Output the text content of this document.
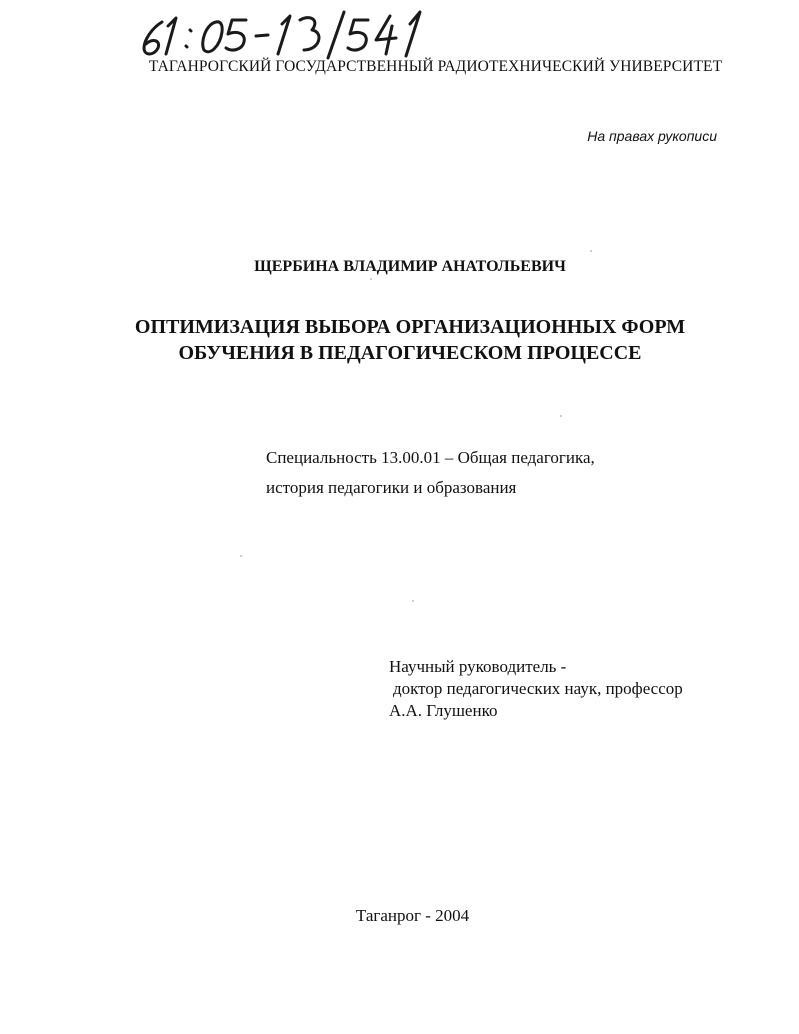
ТАГАНРОГСКИЙ ГОСУДАРСТВЕННЫЙ РАДИОТЕХНИЧЕСКИЙ УНИВЕРСИТЕТ
На правах рукописи
ЩЕРБИНА ВЛАДИМИР АНАТОЛЬЕВИЧ
ОПТИМИЗАЦИЯ ВЫБОРА ОРГАНИЗАЦИОННЫХ ФОРМ
ОБУЧЕНИЯ В ПЕДАГОГИЧЕСКОМ ПРОЦЕССЕ
Специальность 13.00.01 – Общая педагогика,
история педагогики и образования
Научный руководитель -
доктор педагогических наук, профессор
А.А. Глушенко
Таганрог - 2004
